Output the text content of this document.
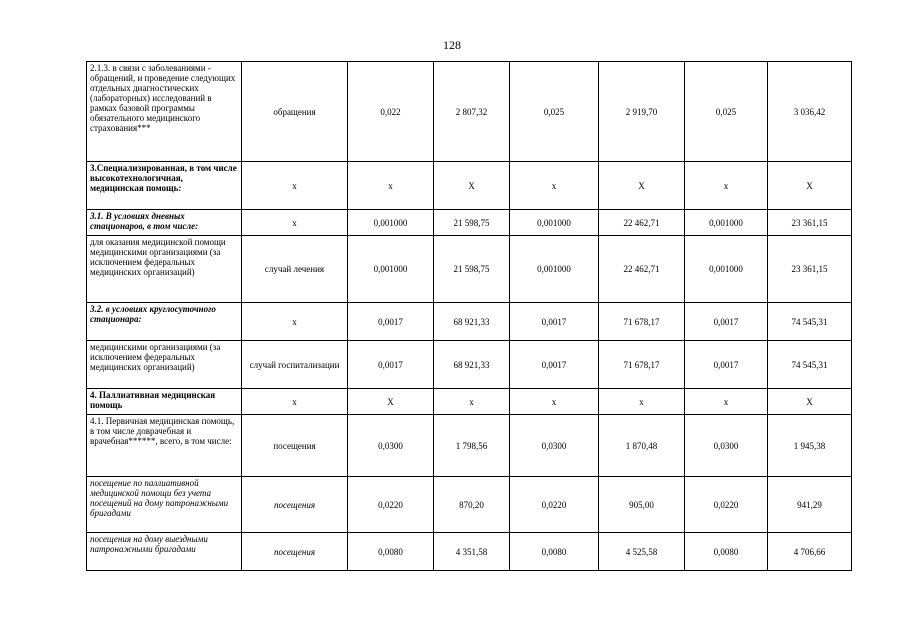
128
2.1.3. в связи с заболеваниями - обращений, и проведение следующих отдельных диагностических (лабораторных) исследований в рамках базовой программы обязательного медицинского страхования***	обращения	0,022	2 807,32	0,025	2 919,70	0,025	3 036,42
3.Специализированная, в том числе высокотехнологичная, медицинская помощь:	х	х	Х	х	Х	х	Х
3.1. В условиях дневных стационаров, в том числе:	х	0,001000	21 598,75	0,001000	22 462,71	0,001000	23 361,15
для оказания медицинской помощи медицинскими организациями (за исключением федеральных медицинских организаций)	случай лечения	0,001000	21 598,75	0,001000	22 462,71	0,001000	23 361,15
3.2. в условиях круглосуточного стационара:	х	0,0017	68 921,33	0,0017	71 678,17	0,0017	74 545,31
медицинскими организациями (за исключением федеральных медицинских организаций)	случай госпитализации	0,0017	68 921,33	0,0017	71 678,17	0,0017	74 545,31
4. Паллиативная медицинская помощь	х	Х	х	х	х	х	Х
4.1. Первичная медицинская помощь, в том числе доврачебная и врачебная******, всего, в том числе:	посещения	0,0300	1 798,56	0,0300	1 870,48	0,0300	1 945,38
посещение по паллиативной медицинской помощи без учета посещений на дому патронажными бригадами	посещения	0,0220	870,20	0,0220	905,00	0,0220	941,29
посещения на дому выездными патронажными бригадами	посещения	0,0080	4 351,58	0,0080	4 525,58	0,0080	4 706,66
